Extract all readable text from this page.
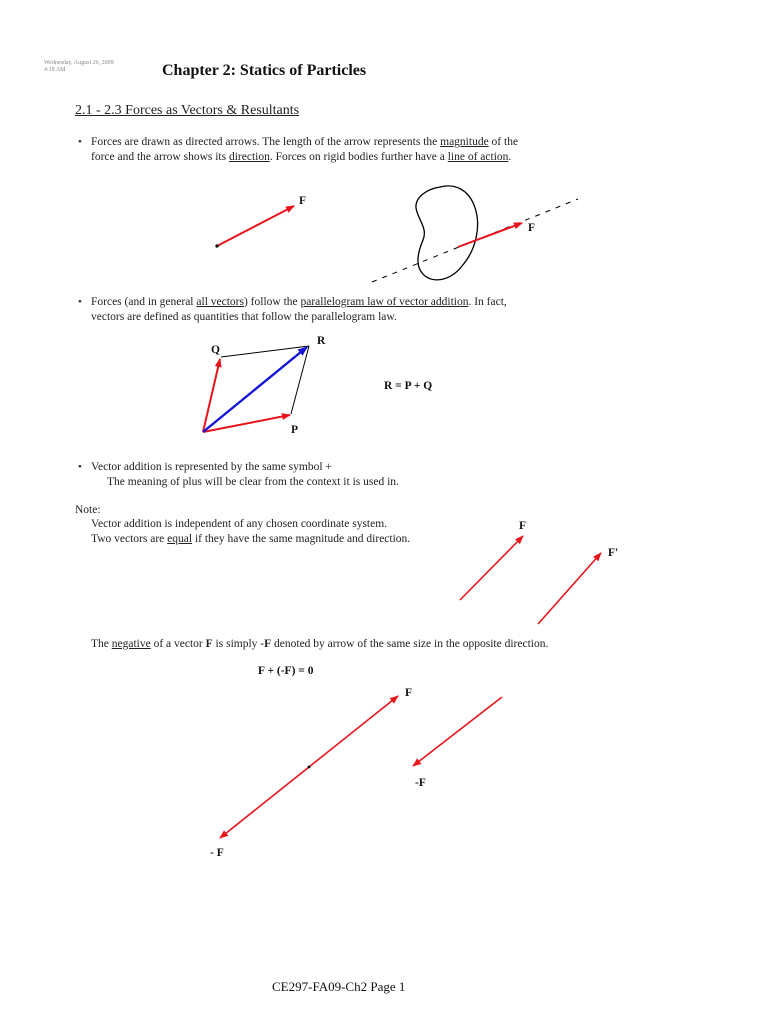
Wednesday, August 26, 2009
4:18 AM	Chapter 2: Statics of Particles
2.1 - 2.3 Forces as Vectors & Resultants
• Forces are drawn as directed arrows. The length of the arrow represents the magnitude of the
force and the arrow shows its direction. Forces on rigid bodies further have a line of action.
• Forces (and in general all vectors) follow the parallelogram law of vector addition. In fact,
vectors are defined as quantities that follow the parallelogram law.
• Vector addition is represented by the same symbol +
The meaning of plus will be clear from the context it is used in.
Note:
Vector addition is independent of any chosen coordinate system.
Two vectors are equal if they have the same magnitude and direction.
The negative of a vector F is simply -F denoted by arrow of the same size in the opposite direction.
F + (-F) = 0
F
F
Q
R
P
R = P + Q
F
F'
F
-F
- F
CE297-FA09-Ch2 Page 1
